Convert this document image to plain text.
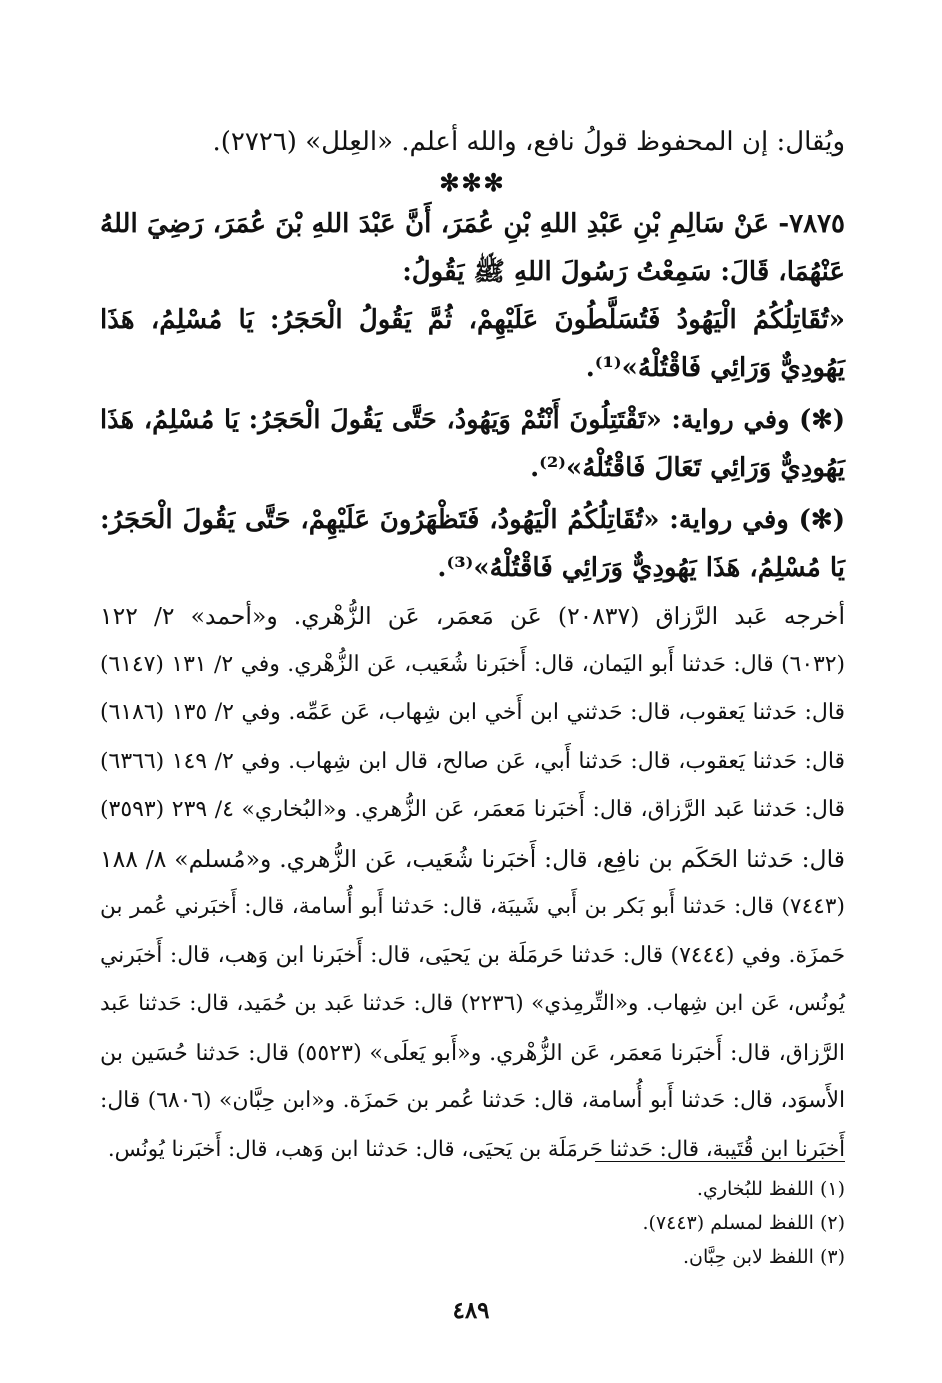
ويُقال: إن المحفوظ قولُ نافع، والله أعلم. «العِلل» (٢٧٢٦).
✻✻✻
٧٨٧٥- عَنْ سَالِمِ بْنِ عَبْدِ اللهِ بْنِ عُمَرَ، أَنَّ عَبْدَ اللهِ بْنَ عُمَرَ، رَضِيَ اللهُ
عَنْهُمَا، قَالَ: سَمِعْتُ رَسُولَ اللهِ ﷺ يَقُولُ:
«تُقَاتِلُكُمُ الْيَهُودُ فَتُسَلَّطُونَ عَلَيْهِمْ، ثُمَّ يَقُولُ الْحَجَرُ: يَا مُسْلِمُ، هَذَا
يَهُودِيٌّ وَرَائِي فَاقْتُلْهُ»⁽¹⁾.
(✻) وفي رواية: «تَقْتَتِلُونَ أَنْتُمْ وَيَهُودُ، حَتَّى يَقُولَ الْحَجَرُ: يَا مُسْلِمُ، هَذَا
يَهُودِيٌّ وَرَائِي تَعَالَ فَاقْتُلْهُ»⁽²⁾.
(✻) وفي رواية: «تُقَاتِلُكُمُ الْيَهُودُ، فَتَظْهَرُونَ عَلَيْهِمْ، حَتَّى يَقُولَ الْحَجَرُ:
يَا مُسْلِمُ، هَذَا يَهُودِيٌّ وَرَائِي فَاقْتُلْهُ»⁽³⁾.
أخرجه عَبد الرَّزاق (٢٠٨٣٧) عَن مَعمَر، عَن الزُّهْري. و«أحمد» ٢/ ١٢٢
(٦٠٣٢) قال: حَدثنا أَبو اليَمان، قال: أَخبَرنا شُعَيب، عَن الزُّهْري. وفي ٢/ ١٣١ (٦١٤٧)
قال: حَدثنا يَعقوب، قال: حَدثني ابن أَخي ابن شِهاب، عَن عَمِّه. وفي ٢/ ١٣٥ (٦١٨٦)
قال: حَدثنا يَعقوب، قال: حَدثنا أَبي، عَن صالح، قال ابن شِهاب. وفي ٢/ ١٤٩ (٦٣٦٦)
قال: حَدثنا عَبد الرَّزاق، قال: أَخبَرنا مَعمَر، عَن الزُّهري. و«البُخاري» ٤/ ٢٣٩ (٣٥٩٣)
قال: حَدثنا الحَكَم بن نافِع، قال: أَخبَرنا شُعَيب، عَن الزُّهري. و«مُسلم» ٨/ ١٨٨
(٧٤٤٣) قال: حَدثنا أَبو بَكر بن أَبي شَيبَة، قال: حَدثنا أَبو أُسامة، قال: أَخبَرني عُمر بن
حَمزَة. وفي (٧٤٤٤) قال: حَدثنا حَرمَلَة بن يَحيَى، قال: أَخبَرنا ابن وَهب، قال: أَخبَرني
يُونُس، عَن ابن شِهاب. و«التِّرمِذي» (٢٢٣٦) قال: حَدثنا عَبد بن حُمَيد، قال: حَدثنا عَبد
الرَّزاق، قال: أَخبَرنا مَعمَر، عَن الزُّهْري. و«أَبو يَعلَى» (٥٥٢٣) قال: حَدثنا حُسَين بن
الأَسوَد، قال: حَدثنا أَبو أُسامة، قال: حَدثنا عُمر بن حَمزَة. و«ابن حِبَّان» (٦٨٠٦) قال:
أَخبَرنا ابن قُتَيبة، قال: حَدثنا حَرمَلَة بن يَحيَى، قال: حَدثنا ابن وَهب، قال: أَخبَرنا يُونُس.
(١) اللفظ للبُخاري.
(٢) اللفظ لمسلم (٧٤٤٣).
(٣) اللفظ لابن حِبَّان.
٤٨٩
